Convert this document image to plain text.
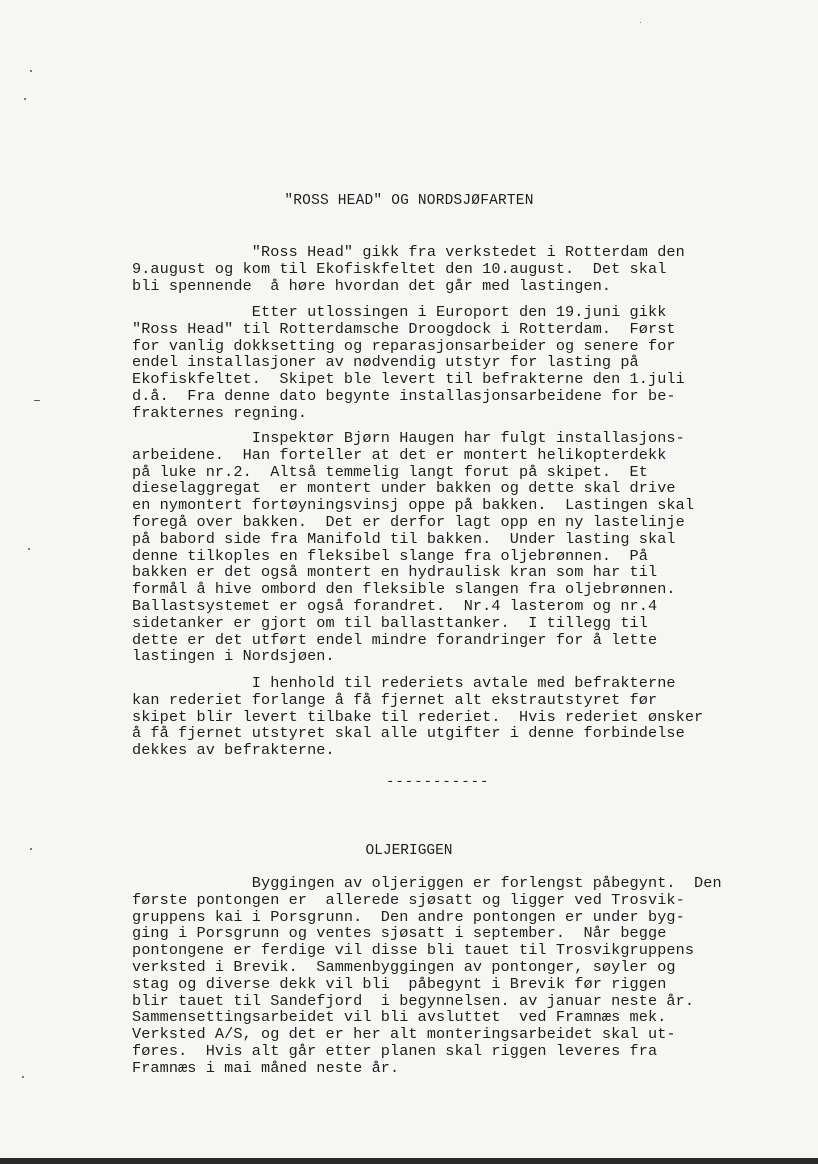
"ROSS HEAD" OG NORDSJØFARTEN
"Ross Head" gikk fra verkstedet i Rotterdam den
9.august og kom til Ekofiskfeltet den 10.august.  Det skal
bli spennende  å høre hvordan det går med lastingen.
Etter utlossingen i Europort den 19.juni gikk
"Ross Head" til Rotterdamsche Droogdock i Rotterdam.  Først
for vanlig dokksetting og reparasjonsarbeider og senere for
endel installasjoner av nødvendig utstyr for lasting på
Ekofiskfeltet.  Skipet ble levert til befrakterne den 1.juli
d.å.  Fra denne dato begynte installasjonsarbeidene for be-
frakternes regning.
Inspektør Bjørn Haugen har fulgt installasjons-
arbeidene.  Han forteller at det er montert helikopterdekk
på luke nr.2.  Altså temmelig langt forut på skipet.  Et
dieselaggregat  er montert under bakken og dette skal drive
en nymontert fortøyningsvinsj oppe på bakken.  Lastingen skal
foregå over bakken.  Det er derfor lagt opp en ny lastelinje
på babord side fra Manifold til bakken.  Under lasting skal
denne tilkoples en fleksibel slange fra oljebrønnen.  På
bakken er det også montert en hydraulisk kran som har til
formål å hive ombord den fleksible slangen fra oljebrønnen.
Ballastsystemet er også forandret.  Nr.4 lasterom og nr.4
sidetanker er gjort om til ballasttanker.  I tillegg til
dette er det utført endel mindre forandringer for å lette
lastingen i Nordsjøen.
I henhold til rederiets avtale med befrakterne
kan rederiet forlange å få fjernet alt ekstrautstyret før
skipet blir levert tilbake til rederiet.  Hvis rederiet ønsker
å få fjernet utstyret skal alle utgifter i denne forbindelse
dekkes av befrakterne.
-----------
OLJERIGGEN
Byggingen av oljeriggen er forlengst påbegynt.  Den
første pontongen er  allerede sjøsatt og ligger ved Trosvik-
gruppens kai i Porsgrunn.  Den andre pontongen er under byg-
ging i Porsgrunn og ventes sjøsatt i september.  Når begge
pontongene er ferdige vil disse bli tauet til Trosvikgruppens
verksted i Brevik.  Sammenbyggingen av pontonger, søyler og
stag og diverse dekk vil bli  påbegynt i Brevik før riggen
blir tauet til Sandefjord  i begynnelsen. av januar neste år.
Sammensettingsarbeidet vil bli avsluttet  ved Framnæs mek.
Verksted A/S, og det er her alt monteringsarbeidet skal ut-
føres.  Hvis alt går etter planen skal riggen leveres fra
Framnæs i mai måned neste år.
